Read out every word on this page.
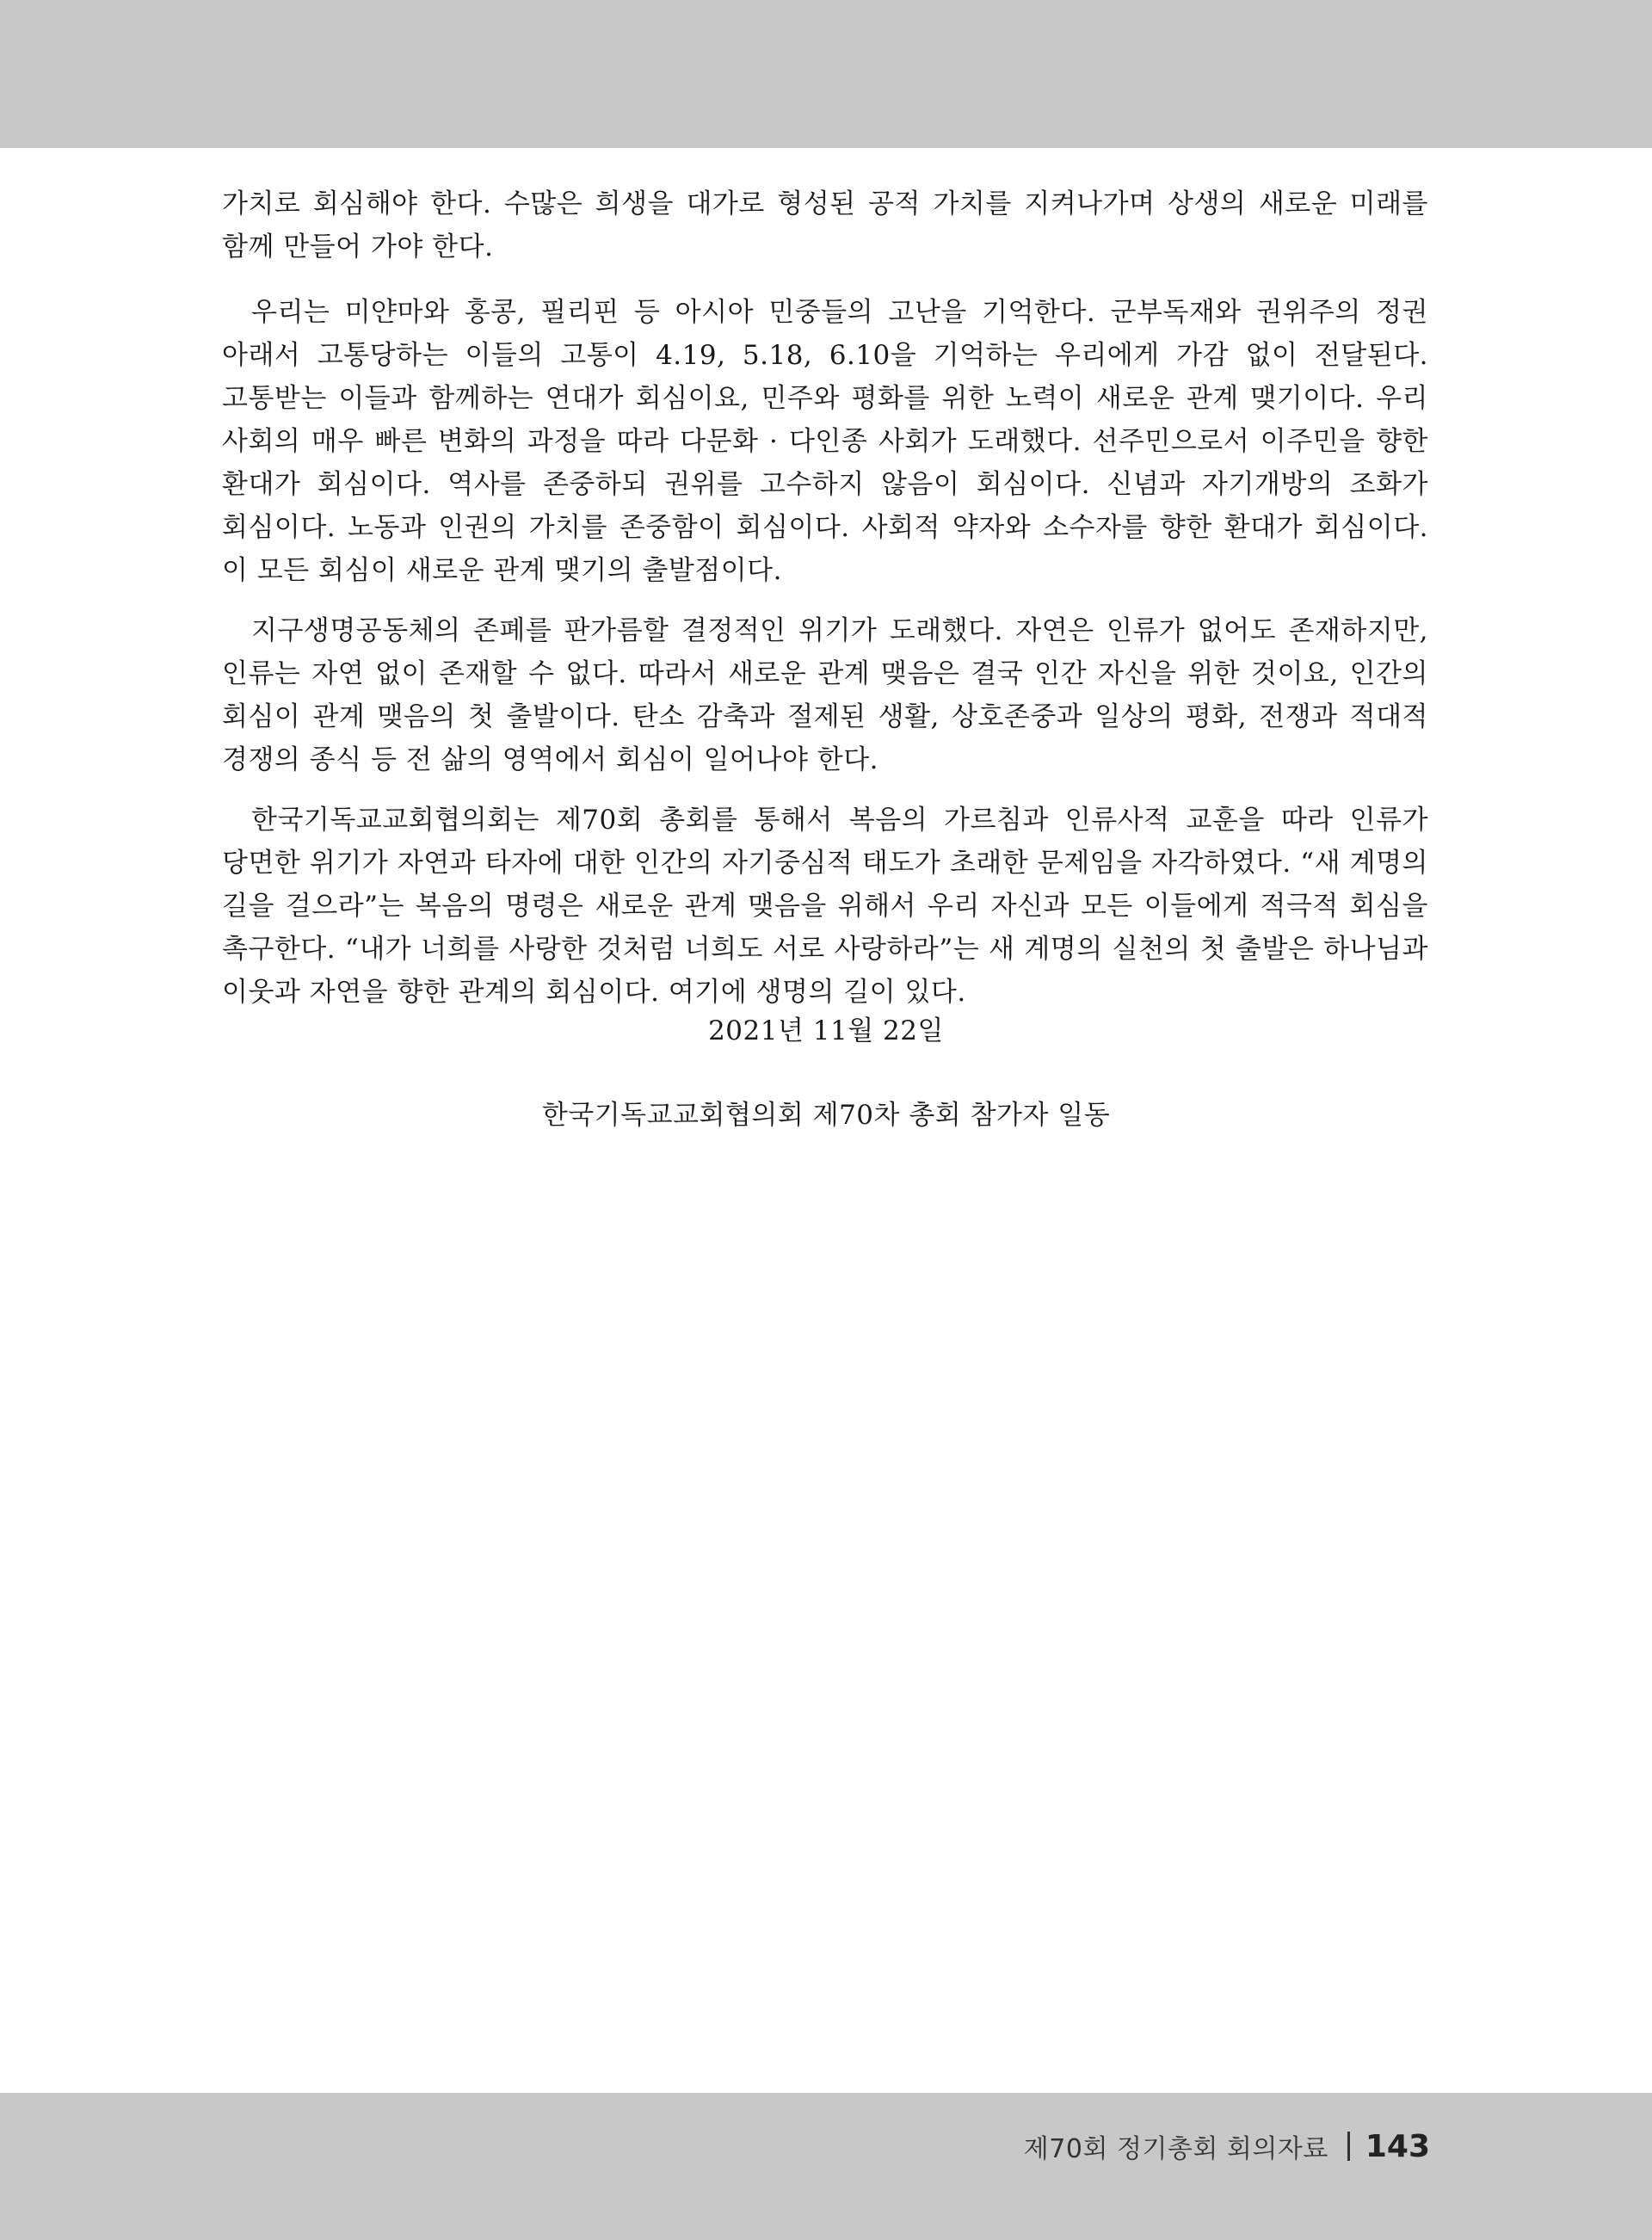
가치로 회심해야 한다. 수많은 희생을 대가로 형성된 공적 가치를 지켜나가며 상생의 새로운 미래를 함께 만들어 가야 한다.

우리는 미얀마와 홍콩, 필리핀 등 아시아 민중들의 고난을 기억한다. 군부독재와 권위주의 정권 아래서 고통당하는 이들의 고통이 4.19, 5.18, 6.10을 기억하는 우리에게 가감 없이 전달된다. 고통받는 이들과 함께하는 연대가 회심이요, 민주와 평화를 위한 노력이 새로운 관계 맺기이다. 우리 사회의 매우 빠른 변화의 과정을 따라 다문화 · 다인종 사회가 도래했다. 선주민으로서 이주민을 향한 환대가 회심이다. 역사를 존중하되 권위를 고수하지 않음이 회심이다. 신념과 자기개방의 조화가 회심이다. 노동과 인권의 가치를 존중함이 회심이다. 사회적 약자와 소수자를 향한 환대가 회심이다. 이 모든 회심이 새로운 관계 맺기의 출발점이다.

지구생명공동체의 존폐를 판가름할 결정적인 위기가 도래했다. 자연은 인류가 없어도 존재하지만, 인류는 자연 없이 존재할 수 없다. 따라서 새로운 관계 맺음은 결국 인간 자신을 위한 것이요, 인간의 회심이 관계 맺음의 첫 출발이다. 탄소 감축과 절제된 생활, 상호존중과 일상의 평화, 전쟁과 적대적 경쟁의 종식 등 전 삶의 영역에서 회심이 일어나야 한다.

한국기독교교회협의회는 제70회 총회를 통해서 복음의 가르침과 인류사적 교훈을 따라 인류가 당면한 위기가 자연과 타자에 대한 인간의 자기중심적 태도가 초래한 문제임을 자각하였다. “새 계명의 길을 걸으라”는 복음의 명령은 새로운 관계 맺음을 위해서 우리 자신과 모든 이들에게 적극적 회심을 촉구한다. “내가 너희를 사랑한 것처럼 너희도 서로 사랑하라”는 새 계명의 실천의 첫 출발은 하나님과 이웃과 자연을 향한 관계의 회심이다. 여기에 생명의 길이 있다.

2021년 11월 22일
한국기독교교회협의회 제70차 총회 참가자 일동
제70회 정기총회 회의자료 143
